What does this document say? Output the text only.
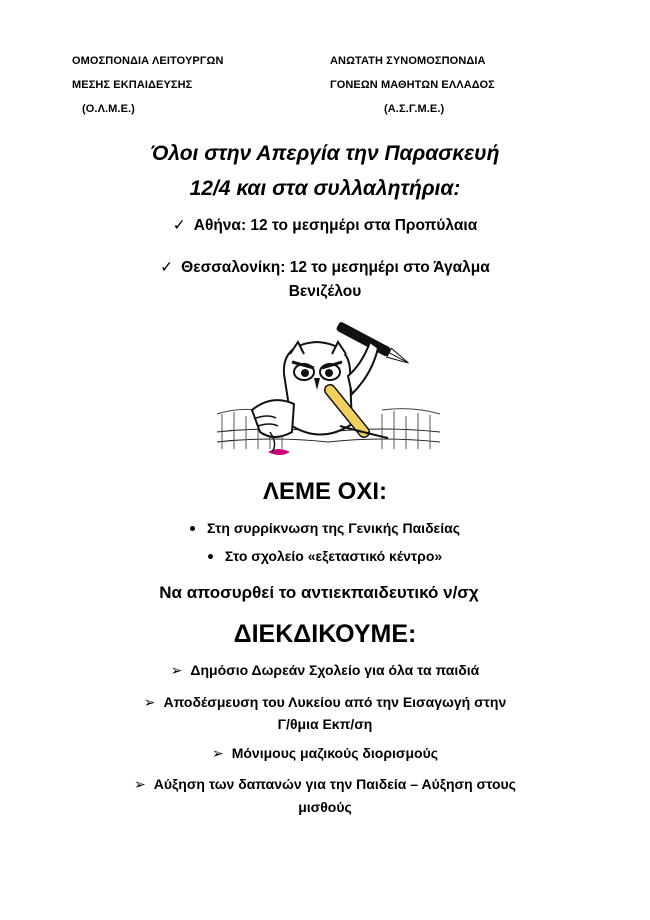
ΟΜΟΣΠΟΝΔΙΑ ΛΕΙΤΟΥΡΓΩΝ
ΜΕΣΗΣ ΕΚΠΑΙΔΕΥΣΗΣ
(Ο.Λ.Μ.Ε.)
ΑΝΩΤΑΤΗ ΣΥΝΟΜΟΣΠΟΝΔΙΑ
ΓΟΝΕΩΝ ΜΑΘΗΤΩΝ ΕΛΛΑΔΟΣ
(Α.Σ.Γ.Μ.Ε.)
Όλοι στην Απεργία την Παρασκευή
12/4 και στα συλλαλητήρια:
✓ Αθήνα: 12 το μεσημέρι στα Προπύλαια
✓ Θεσσαλονίκη: 12 το μεσημέρι στο Άγαλμα
Βενιζέλου
ΛΕΜΕ ΟΧΙ:
Στη συρρίκνωση της Γενικής Παιδείας
Στο σχολείο «εξεταστικό κέντρο»
Να αποσυρθεί το αντιεκπαιδευτικό ν/σχ
ΔΙΕΚΔΙΚΟΥΜΕ:
➢ Δημόσιο Δωρεάν Σχολείο για όλα τα παιδιά
➢ Αποδέσμευση του Λυκείου από την Εισαγωγή στην
Γ/θμια Εκπ/ση
➢ Μόνιμους μαζικούς διορισμούς
➢ Αύξηση των δαπανών για την Παιδεία – Αύξηση στους
μισθούς
